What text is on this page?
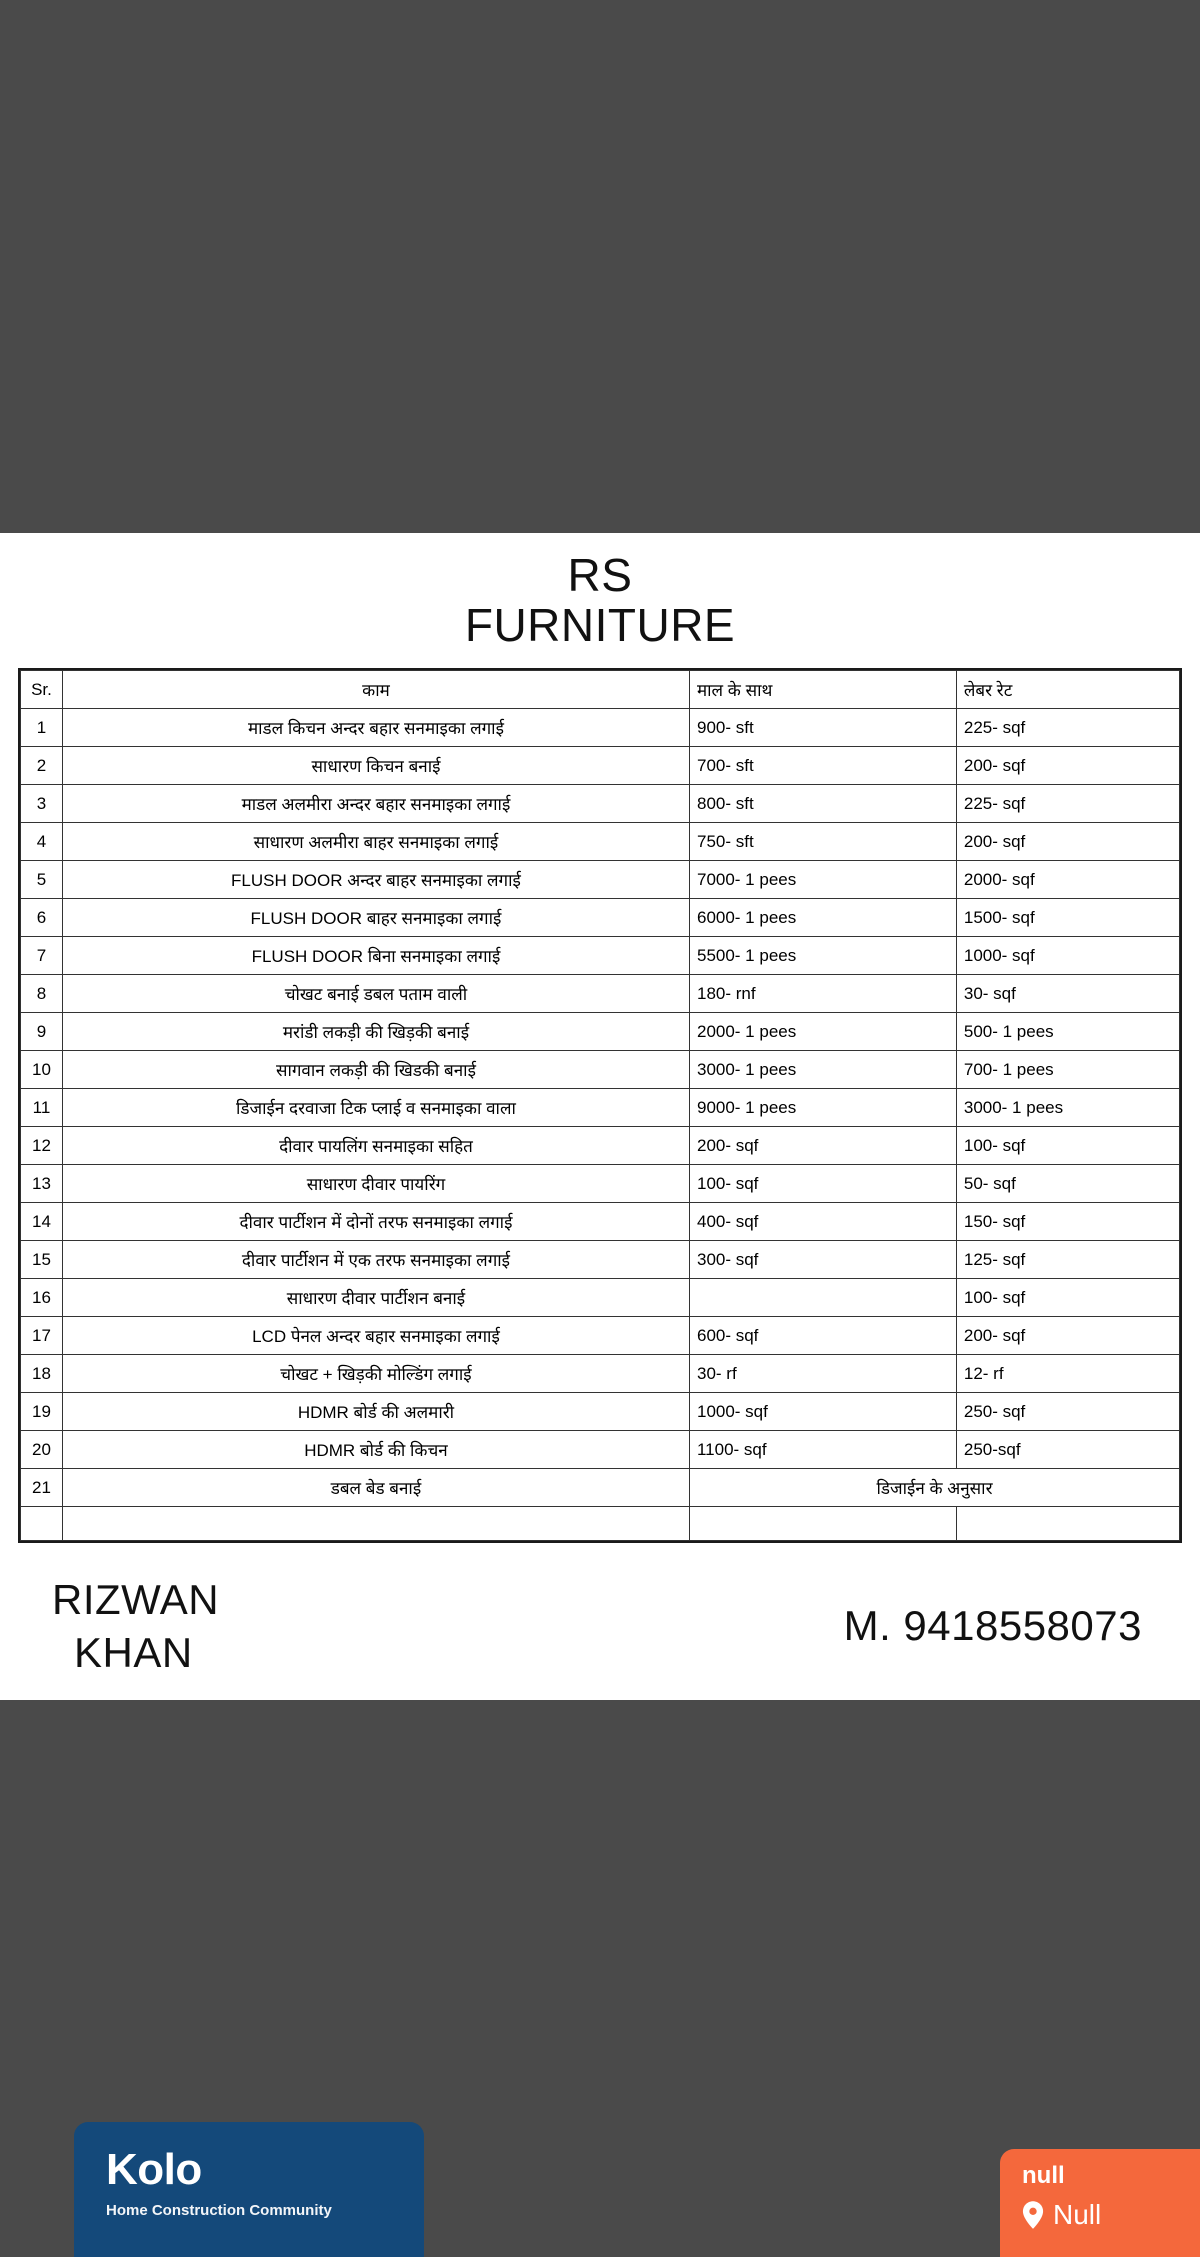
RS
FURNITURE
Sr.	काम	माल के साथ	लेबर रेट
1	माडल किचन अन्दर बहार सनमाइका लगाई	900- sft	225- sqf
2	साधारण किचन बनाई	700- sft	200- sqf
3	माडल अलमीरा अन्दर बहार सनमाइका लगाई	800- sft	225- sqf
4	साधारण अलमीरा बाहर सनमाइका लगाई	750- sft	200- sqf
5	FLUSH DOOR अन्दर बाहर सनमाइका लगाई	7000- 1 pees	2000- sqf
6	FLUSH DOOR बाहर सनमाइका लगाई	6000- 1 pees	1500- sqf
7	FLUSH DOOR बिना सनमाइका लगाई	5500- 1 pees	1000- sqf
8	चोखट बनाई डबल पताम वाली	180- rnf	30- sqf
9	मरांडी लकड़ी की खिड़की बनाई	2000- 1 pees	500- 1 pees
10	सागवान लकड़ी की खिडकी बनाई	3000- 1 pees	700- 1 pees
11	डिजाईन दरवाजा टिक प्लाई व सनमाइका वाला	9000- 1 pees	3000- 1 pees
12	दीवार पायलिंग सनमाइका सहित	200- sqf	100- sqf
13	साधारण दीवार पायरिंग	100- sqf	50- sqf
14	दीवार पार्टीशन में दोनों तरफ सनमाइका लगाई	400- sqf	150- sqf
15	दीवार पार्टीशन में एक तरफ सनमाइका लगाई	300- sqf	125- sqf
16	साधारण दीवार पार्टीशन बनाई		100- sqf
17	LCD पेनल अन्दर बहार सनमाइका लगाई	600- sqf	200- sqf
18	चोखट + खिड़की मोल्डिंग लगाई	30- rf	12- rf
19	HDMR बोर्ड की अलमारी	1000- sqf	250- sqf
20	HDMR बोर्ड की किचन	1100- sqf	250-sqf
21	डबल बेड बनाई	डिजाईन के अनुसार	

RIZWAN
KHAN
M. 9418558073
Kolo
Home Construction Community
null
Null
